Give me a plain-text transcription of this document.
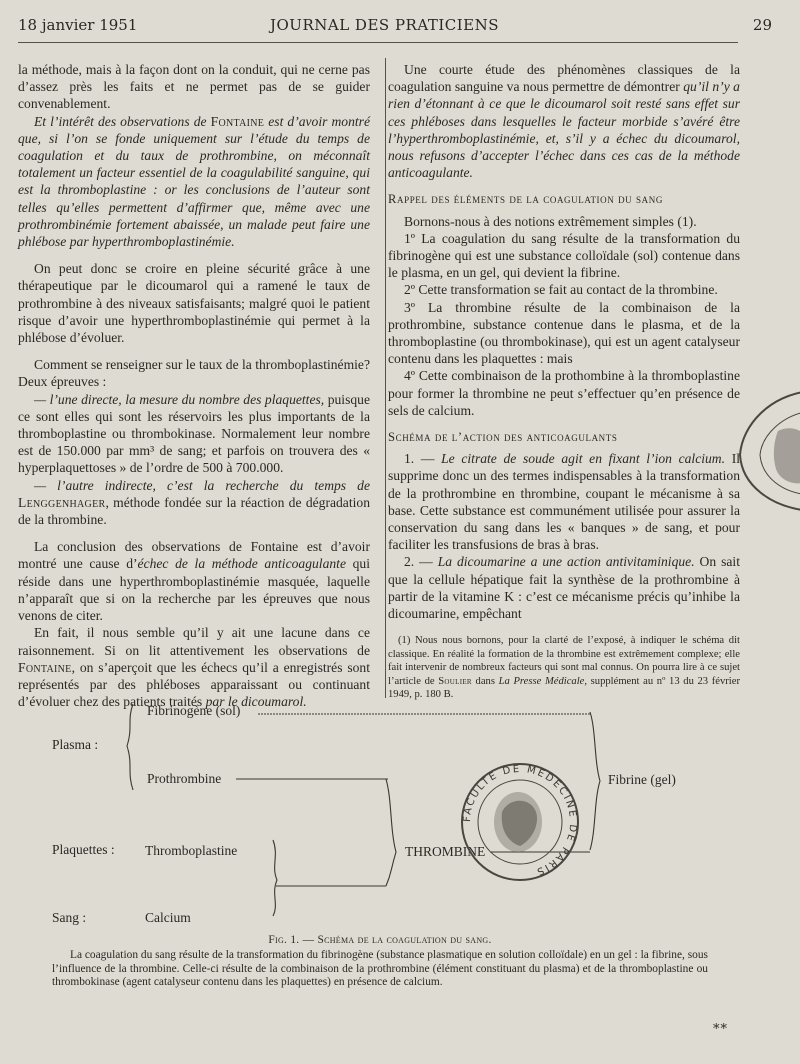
18 janvier 1951	JOURNAL DES PRATICIENS	29

la méthode, mais à la façon dont on la conduit, qui ne cerne pas d’assez près les faits et ne permet pas de se guider convenablement.

Et l’intérêt des observations de Fontaine est d’avoir montré que, si l’on se fonde uniquement sur l’étude du temps de coagulation et du taux de prothrombine, on méconnaît totalement un facteur essentiel de la coagulabilité sanguine, qui est la thromboplastine : or les conclusions de l’auteur sont telles qu’elles permettent d’affirmer que, même avec une prothrombinémie fortement abaissée, un malade peut faire une phlébose par hyperthromboplastinémie.

On peut donc se croire en pleine sécurité grâce à une thérapeutique par le dicoumarol qui a ramené le taux de prothrombine à des niveaux satisfaisants; malgré quoi le patient risque d’avoir une hyperthromboplastinémie qui permet à la phlébose d’évoluer.

Comment se renseigner sur le taux de la thromboplastinémie? Deux épreuves :

— l’une directe, la mesure du nombre des plaquettes, puisque ce sont elles qui sont les réservoirs les plus importants de la thromboplastine ou thrombokinase. Normalement leur nombre est de 150.000 par mm³ de sang; et parfois on trouvera des « hyperplaquettoses » de l’ordre de 500 à 700.000.

— l’autre indirecte, c’est la recherche du temps de Lenggenhager, méthode fondée sur la réaction de dégradation de la thrombine.

La conclusion des observations de Fontaine est d’avoir montré une cause d’échec de la méthode anticoagulante qui réside dans une hyperthromboplastinémie masquée, laquelle n’apparaît que si on la recherche par les épreuves que nous venons de citer.

En fait, il nous semble qu’il y ait une lacune dans ce raisonnement. Si on lit attentivement les observations de Fontaine, on s’aperçoit que les échecs qu’il a enregistrés sont représentés par des phléboses apparaissant ou continuant d’évoluer chez des patients traités par le dicoumarol.

Une courte étude des phénomènes classiques de la coagulation sanguine va nous permettre de démontrer qu’il n’y a rien d’étonnant à ce que le dicoumarol soit resté sans effet sur ces phléboses dans lesquelles le facteur morbide s’avéré être l’hyperthromboplastinémie, et, s’il y a échec du dicoumarol, nous refusons d’accepter l’échec dans ces cas de la méthode anticoagulante.

Rappel des éléments de la coagulation du sang

Bornons-nous à des notions extrêmement simples (1).

1º La coagulation du sang résulte de la transformation du fibrinogène qui est une substance colloïdale (sol) contenue dans le plasma, en un gel, qui devient la fibrine.

2º Cette transformation se fait au contact de la thrombine.

3º La thrombine résulte de la combinaison de la prothrombine, substance contenue dans le plasma, et de la thromboplastine (ou thrombokinase), qui est un agent catalyseur contenu dans les plaquettes : mais

4º Cette combinaison de la prothombine à la thromboplastine pour former la thrombine ne peut s’effectuer qu’en présence de sels de calcium.

Schéma de l’action des anticoagulants

1. — Le citrate de soude agit en fixant l’ion calcium. Il supprime donc un des termes indispensables à la transformation de la prothrombine en thrombine, coupant le mécanisme à sa base. Cette substance est communément utilisée pour assurer la conservation du sang dans les « banques » de sang, et pour faciliter les transfusions de bras à bras.

2. — La dicoumarine a une action antivitaminique. On sait que la cellule hépatique fait la synthèse de la prothrombine à partir de la vitamine K : c’est ce mécanisme précis qu’inhibe la dicoumarine, empêchant

(1) Nous nous bornons, pour la clarté de l’exposé, à indiquer le schéma dit classique. En réalité la formation de la thrombine est extrêmement complexe; elle fait intervenir de nombreux facteurs qui sont mal connus. On pourra lire à ce sujet l’article de Soulier dans La Presse Médicale, supplément au nº 13 du 23 février 1949, p. 180 B.

Fibrinogène (sol)
Plasma :
Prothrombine	Fibrine (gel)
Plaquettes : Thromboplastine	THROMBINE
Sang :	Calcium
FACULTE DE MEDECINE DE PARIS
Fig. 1. — Schéma de la coagulation du sang.
La coagulation du sang résulte de la transformation du fibrinogène (substance plasmatique en solution colloïdale) en un gel : la fibrine, sous l’influence de la thrombine. Celle-ci résulte de la combinaison de la prothrombine (élément constituant du plasma) et de la thromboplastine ou thrombokinase (agent catalyseur contenu dans les plaquettes) en présence de calcium.
**
